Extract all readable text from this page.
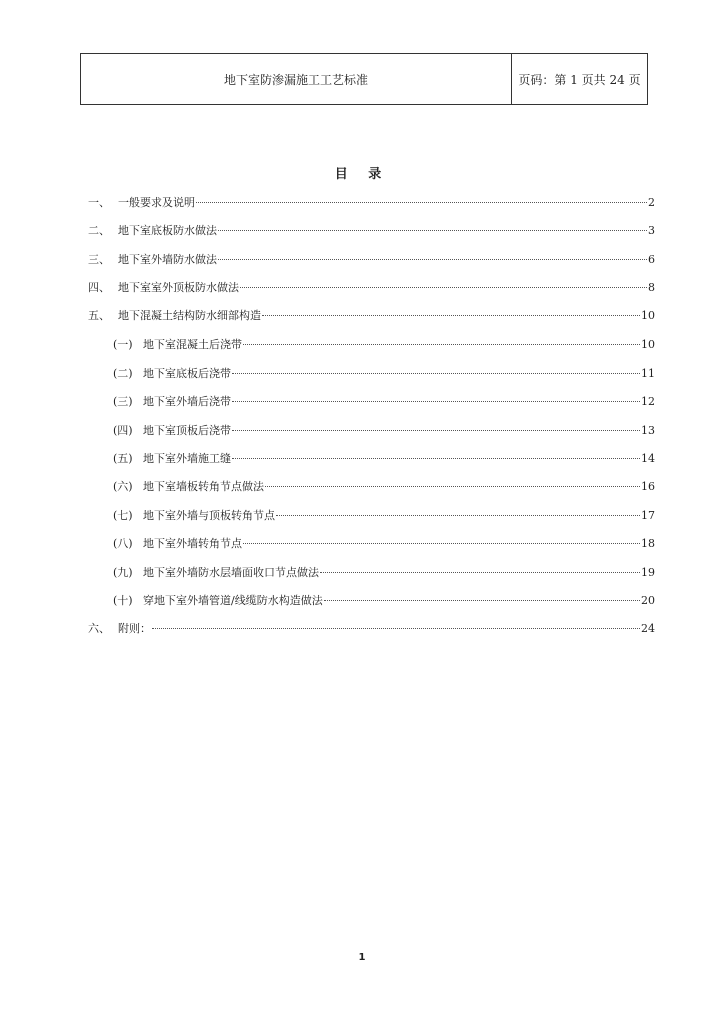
地下室防渗漏施工工艺标准	页码：第 1 页共 24 页
目 录
一、 一般要求及说明	2
二、 地下室底板防水做法	3
三、 地下室外墙防水做法	6
四、 地下室室外顶板防水做法	8
五、 地下混凝土结构防水细部构造	10
(一) 地下室混凝土后浇带	10
(二) 地下室底板后浇带	11
(三) 地下室外墙后浇带	12
(四) 地下室顶板后浇带	13
(五) 地下室外墙施工缝	14
(六) 地下室墙板转角节点做法	16
(七) 地下室外墙与顶板转角节点	17
(八) 地下室外墙转角节点	18
(九) 地下室外墙防水层墙面收口节点做法	19
(十) 穿地下室外墙管道/线缆防水构造做法	20
六、 附则：	24
1
